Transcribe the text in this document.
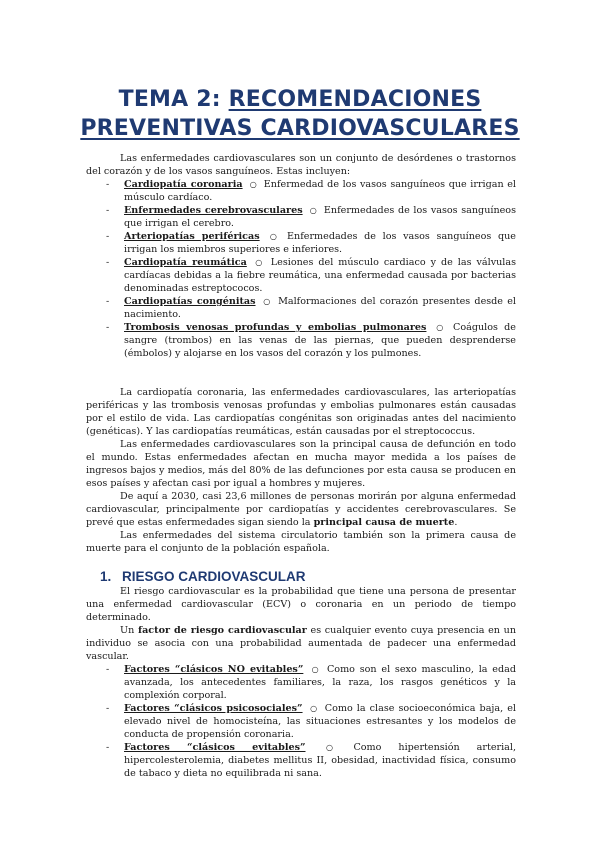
TEMA 2: RECOMENDACIONES
PREVENTIVAS CARDIOVASCULARES

Las enfermedades cardiovasculares son un conjunto de desórdenes o trastornos del corazón y de los vasos sanguíneos. Estas incluyen:

- Cardiopatía coronaria ○ Enfermedad de los vasos sanguíneos que irrigan el músculo cardíaco.
- Enfermedades cerebrovasculares ○ Enfermedades de los vasos sanguíneos que irrigan el cerebro.
- Arteriopatías periféricas ○ Enfermedades de los vasos sanguíneos que irrigan los miembros superiores e inferiores.
- Cardiopatía reumática ○ Lesiones del músculo cardiaco y de las válvulas cardíacas debidas a la fiebre reumática, una enfermedad causada por bacterias denominadas estreptococos.
- Cardiopatías congénitas ○ Malformaciones del corazón presentes desde el nacimiento.
- Trombosis venosas profundas y embolias pulmonares ○ Coágulos de sangre (trombos) en las venas de las piernas, que pueden desprenderse (émbolos) y alojarse en los vasos del corazón y los pulmones.

La cardiopatía coronaria, las enfermedades cardiovasculares, las arteriopatías periféricas y las trombosis venosas profundas y embolias pulmonares están causadas por el estilo de vida. Las cardiopatías congénitas son originadas antes del nacimiento (genéticas). Y las cardiopatías reumáticas, están causadas por el streptococcus.

Las enfermedades cardiovasculares son la principal causa de defunción en todo el mundo. Estas enfermedades afectan en mucha mayor medida a los países de ingresos bajos y medios, más del 80% de las defunciones por esta causa se producen en esos países y afectan casi por igual a hombres y mujeres.

De aquí a 2030, casi 23,6 millones de personas morirán por alguna enfermedad cardiovascular, principalmente por cardiopatías y accidentes cerebrovasculares. Se prevé que estas enfermedades sigan siendo la principal causa de muerte.

Las enfermedades del sistema circulatorio también son la primera causa de muerte para el conjunto de la población española.

1. RIESGO CARDIOVASCULAR

El riesgo cardiovascular es la probabilidad que tiene una persona de presentar una enfermedad cardiovascular (ECV) o coronaria en un periodo de tiempo determinado.

Un factor de riesgo cardiovascular es cualquier evento cuya presencia en un individuo se asocia con una probabilidad aumentada de padecer una enfermedad vascular.

- Factores “clásicos NO evitables” ○ Como son el sexo masculino, la edad avanzada, los antecedentes familiares, la raza, los rasgos genéticos y la complexión corporal.
- Factores “clásicos psicosociales” ○ Como la clase socioeconómica baja, el elevado nivel de homocisteína, las situaciones estresantes y los modelos de conducta de propensión coronaria.
- Factores “clásicos evitables”	○ Como hipertensión arterial, hipercolesterolemia, diabetes mellitus II, obesidad, inactividad física, consumo de tabaco y dieta no equilibrada ni sana.
